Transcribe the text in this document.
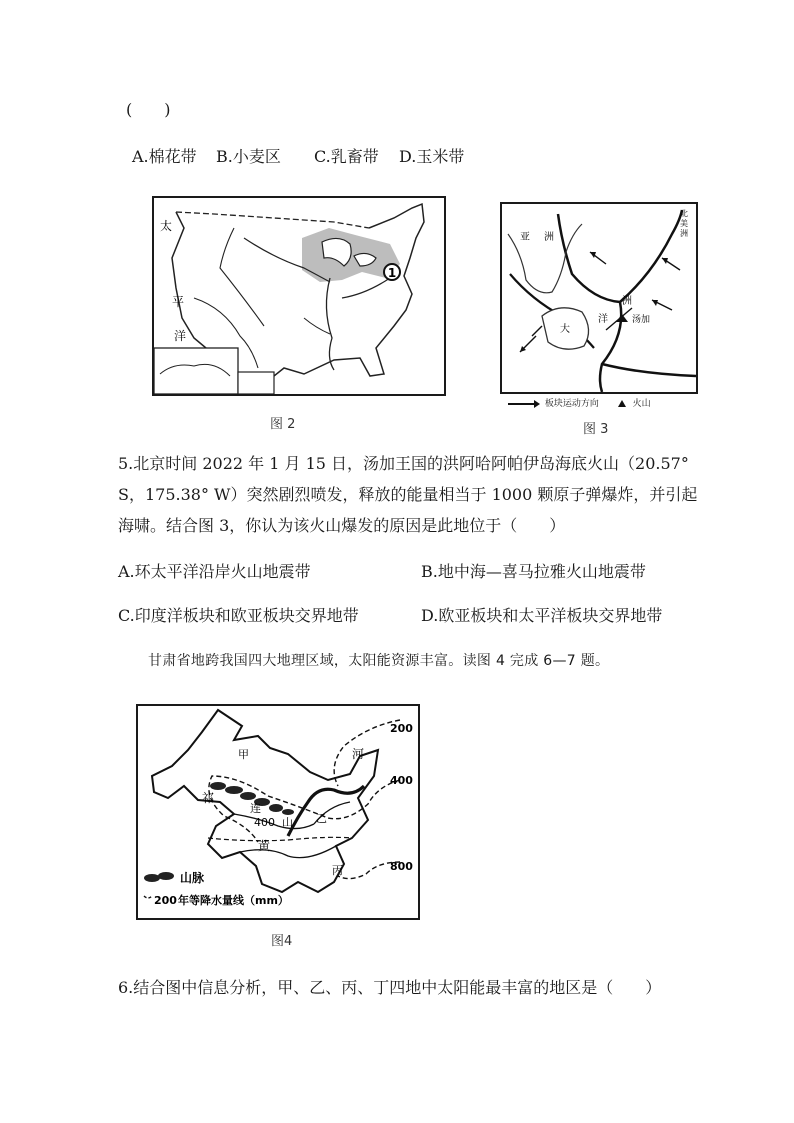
(　　)
A.棉花带 B.小麦区 C.乳畜带 D.玉米带
1
太
平
洋
图 2
亚 洲
北
美
洲
洲
大
洋	汤加
板块运动方向	火山
图 3
5.北京时间 2022 年 1 月 15 日，汤加王国的洪阿哈阿帕伊岛海底火山（20.57°
S，175.38° W）突然剧烈喷发，释放的能量相当于 1000 颗原子弹爆炸，并引起
海啸。结合图 3，你认为该火山爆发的原因是此地位于（　　）
A.环太平洋沿岸火山地震带	B.地中海—喜马拉雅火山地震带
C.印度洋板块和欧亚板块交界地带	D.欧亚板块和太平洋板块交界地带
甘肃省地跨我国四大地理区域，太阳能资源丰富。读图 4 完成 6—7 题。
甲	河
祁
连
山
400	乙
黄
丙
200
400
800
山脉
200 年等降水量线（mm）
图4
6.结合图中信息分析，甲、乙、丙、丁四地中太阳能最丰富的地区是（　　）
